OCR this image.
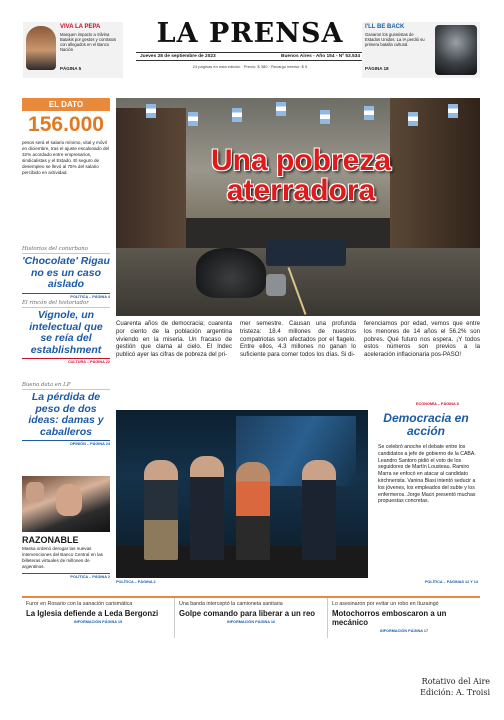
VIVA LA PEPA
Marquen impacto a Silvina Batakis por gestos y contratos con allegados en el Banco Nación
PÁGINA 5
LA PRENSA
Jueves 28 de septiembre de 2023	Buenos Aires - Año 154 - Nº 53.534
24 páginas en esta edición · Precio: $ 380 · Recargo interior: $ 5
I'LL BE BACK
Ganaron los guionistas de Estados Unidos. La IA perdió su primera batalla cultural.
PÁGINA 18
EL DATO
156.000
pesos será el salario mínimo, vital y móvil en diciembre, tras el ajuste escalonado del 32% acordado entre empresarios, sindicalistas y el Estado. El seguro de desempleo se llevó al 75% del salario percibido en actividad.
Historias del conurbano
'Chocolate' Rigau no es un caso aislado
POLÍTICA – PÁGINA 4
El rincón del historiador
Vignole, un intelectual que se reía del establishment
CULTURA – PÁGINA 22
Buena data en LP
La pérdida de peso de dos ideas: damas y caballeros
OPINIÓN – PÁGINA 24
RAZONABLE
Massa ordenó derogar las nuevas intervenciones del Banco Central en las billeteras virtuales de millones de argentinos.
POLÍTICA – PÁGINA 2
Una pobreza
aterradora
Cuarenta años de democracia; cuarenta por ciento de la población argentina viviendo en la miseria. Un fracaso de gestión que clama al cielo. El Indec publicó ayer las cifras de pobreza del pri-
mer semestre. Causan una profunda tristeza: 18.4 millones de nuestros compatriotas son afectados por el flagelo. Entre ellos, 4.3 millones no ganan lo suficiente para comer todos los días. Si di-
ferenciamos por edad, vemos que entre los menores de 14 años el 56.2% son pobres. Qué futuro nos espera. ¡Y todos estos números son previos a la aceleración inflacionaria pos-PASO!
ECONOMÍA – PÁGINA 8
Democracia en acción
Se celebró anoche el debate entre los candidatos a jefe de gobierno de la CABA. Leandro Santoro pidió el voto de los seguidores de Martín Lousteau. Ramiro Marra se enfocó en atacar al candidato kirchnerista. Vanina Biasi intentó seducir a los jóvenes, los empleados del subte y los enfermeros. Jorge Macri presentó muchas propuestas concretas.
POLÍTICA – PÁGINA 2	POLÍTICA – PÁGINAS 12 Y 13
Furor en Rosario con la sanación carismática
La Iglesia defiende a Leda Bergonzi
INFORMACIÓN PÁGINA 15
Una banda interceptó la camioneta sanitaria
Golpe comando para liberar a un reo
INFORMACIÓN PÁGINA 16
Lo asesinaron por evitar un robo en Ituzaingó
Motochorros emboscaron a un mecánico
INFORMACIÓN PÁGINA 17
Rotativo del Aire
Edición: A. Troisi
